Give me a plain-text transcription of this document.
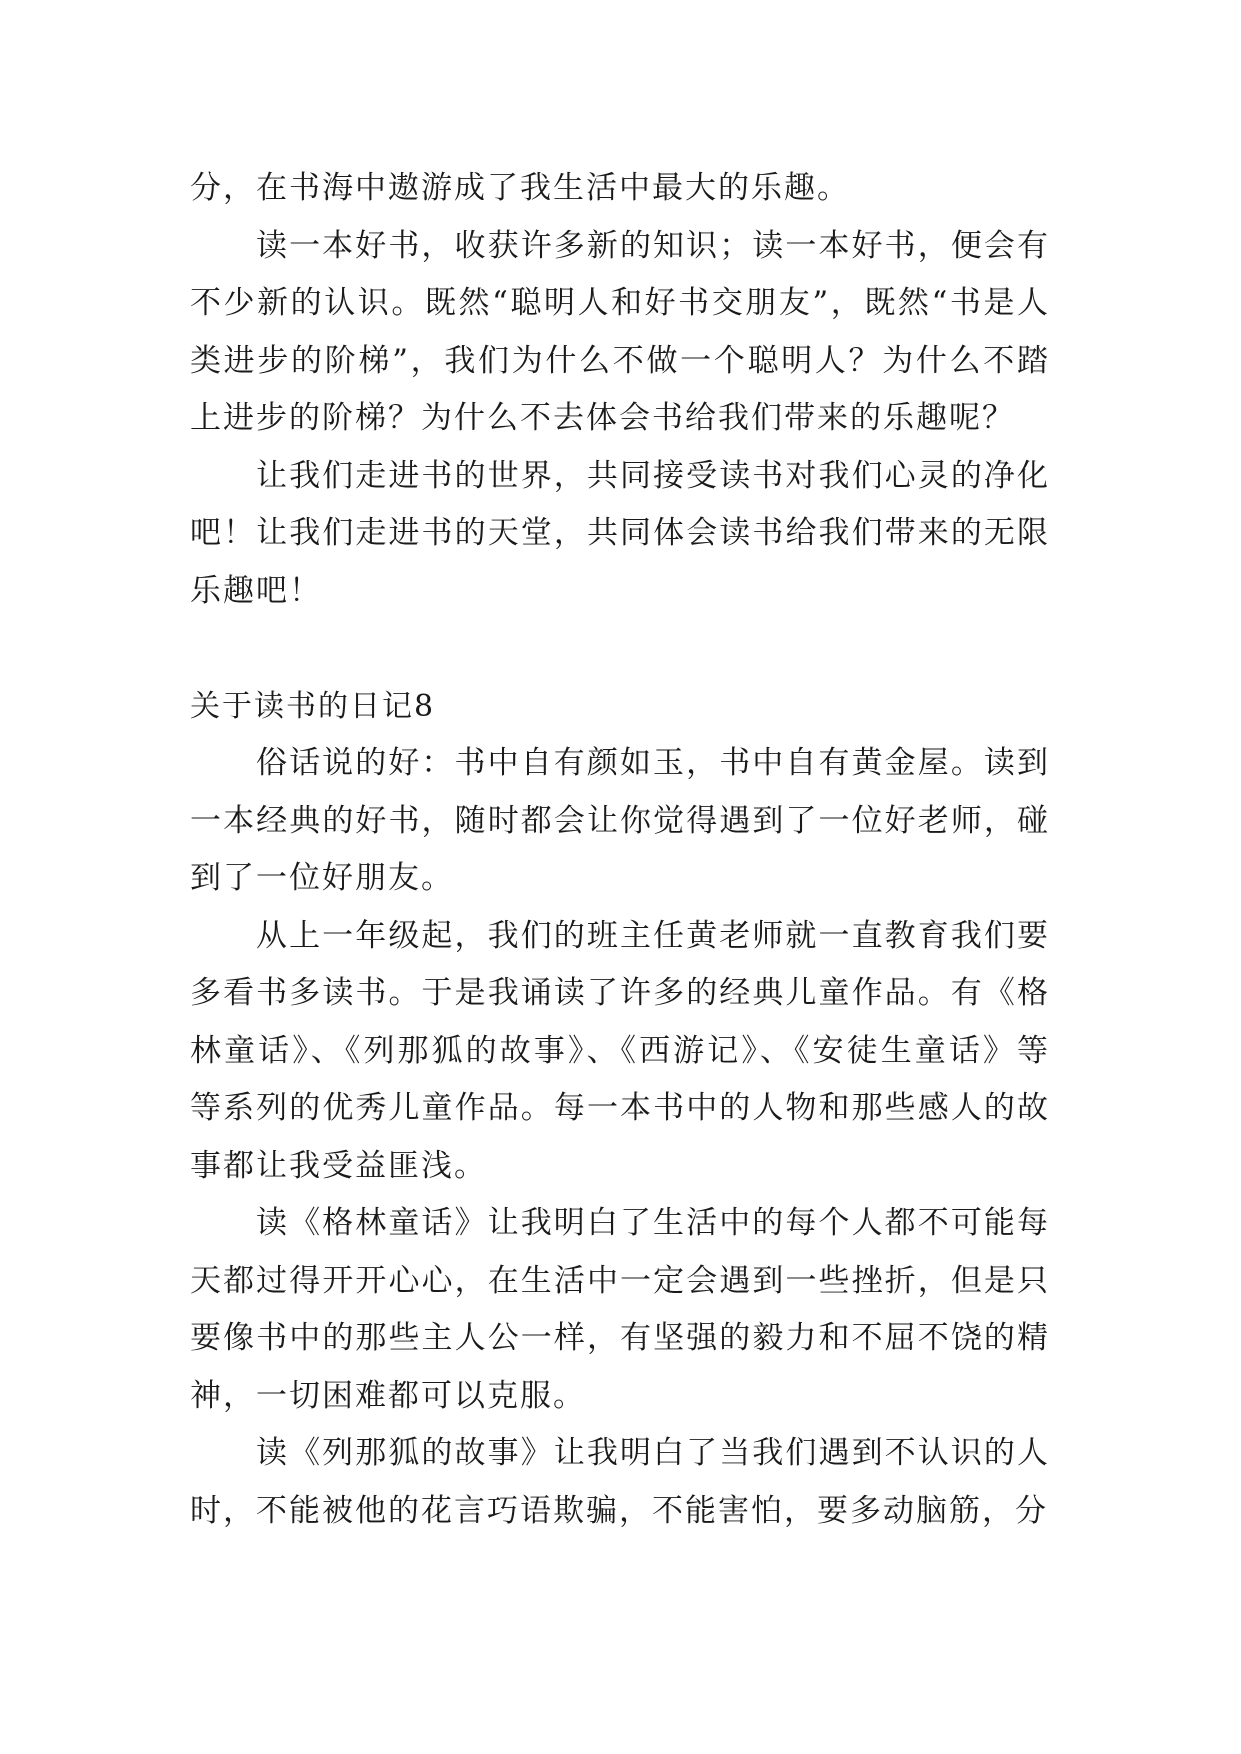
分，在书海中遨游成了我生活中最大的乐趣。

读一本好书，收获许多新的知识；读一本好书，便会有不少新的认识。既然“聪明人和好书交朋友”，既然“书是人类进步的阶梯”，我们为什么不做一个聪明人？为什么不踏上进步的阶梯？为什么不去体会书给我们带来的乐趣呢？

让我们走进书的世界，共同接受读书对我们心灵的净化吧！让我们走进书的天堂，共同体会读书给我们带来的无限乐趣吧！

关于读书的日记8

俗话说的好：书中自有颜如玉，书中自有黄金屋。读到一本经典的好书，随时都会让你觉得遇到了一位好老师，碰到了一位好朋友。

从上一年级起，我们的班主任黄老师就一直教育我们要多看书多读书。于是我诵读了许多的经典儿童作品。有《格林童话》、《列那狐的故事》、《西游记》、《安徒生童话》等等系列的优秀儿童作品。每一本书中的人物和那些感人的故事都让我受益匪浅。

读《格林童话》让我明白了生活中的每个人都不可能每天都过得开开心心，在生活中一定会遇到一些挫折，但是只要像书中的那些主人公一样，有坚强的毅力和不屈不饶的精神，一切困难都可以克服。

读《列那狐的故事》让我明白了当我们遇到不认识的人时，不能被他的花言巧语欺骗，不能害怕，要多动脑筋，分
